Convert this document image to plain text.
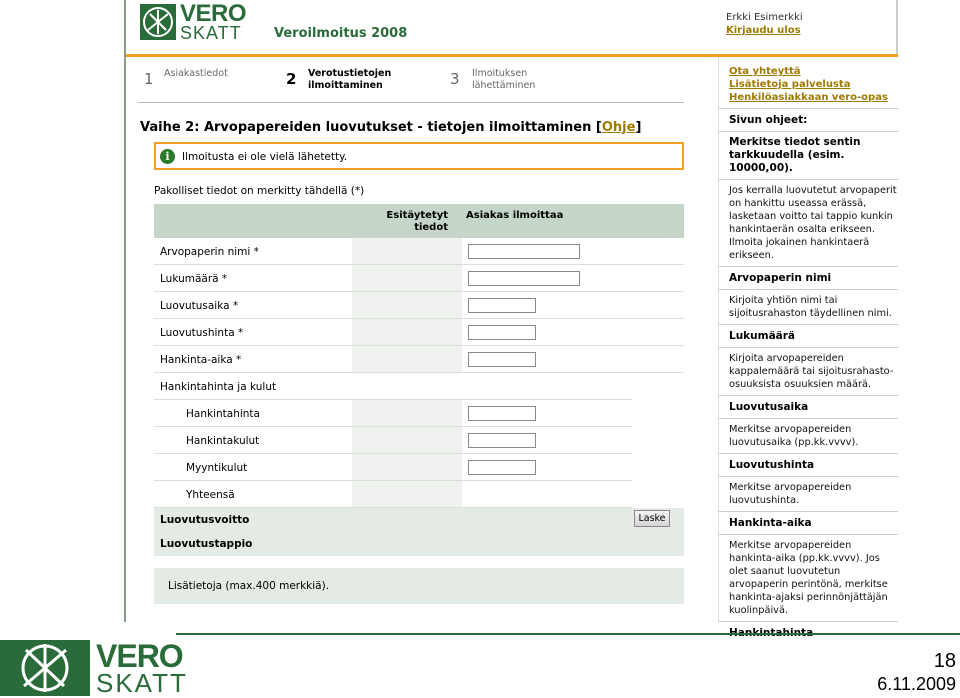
VERO
SKATT Veroilmoitus 2008
Erkki Esimerkki
Kirjaudu ulos
1 Asiakastiedot	2 Verotustietojen ilmoittaminen	3 Ilmoituksen lähettäminen
Vaihe 2: Arvopapereiden luovutukset - tietojen ilmoittaminen [Ohje]
i	Ilmoitusta ei ole vielä lähetetty.
Pakolliset tiedot on merkitty tähdellä (*)
Esitäytetyt tiedot
Asiakas ilmoittaa
Arvopaperin nimi *
Lukumäärä *
Luovutusaika *
Luovutushinta *
Hankinta-aika *
Hankintahinta ja kulut
Hankintahinta
Hankintakulut
Myyntikulut
Yhteensä
Luovutusvoitto	Laske
Luovutustappio
Lisätietoja (max.400 merkkiä).
Ota yhteyttä
Lisätietoja palvelusta
Henkilöasiakkaan vero-opas
Sivun ohjeet:
Merkitse tiedot sentin tarkkuudella (esim. 10000,00).
Jos kerralla luovutetut arvopaperit on hankittu useassa erässä, lasketaan voitto tai tappio kunkin hankintaerän osalta erikseen. Ilmoita jokainen hankintaerä erikseen.
Arvopaperin nimi
Kirjoita yhtiön nimi tai sijoitusrahaston täydellinen nimi.
Lukumäärä
Kirjoita arvopapereiden kappalemäärä tai sijoitusrahasto-osuuksista osuuksien määrä.
Luovutusaika
Merkitse arvopapereiden luovutusaika (pp.kk.vvvv).
Luovutushinta
Merkitse arvopapereiden luovutushinta.
Hankinta-aika
Merkitse arvopapereiden hankinta-aika (pp.kk.vvvv). Jos olet saanut luovutetun arvopaperin perintönä, merkitse hankinta-ajaksi perinnönjättäjän kuolinpäivä.
VERO
SKATT
18
6.11.2009
